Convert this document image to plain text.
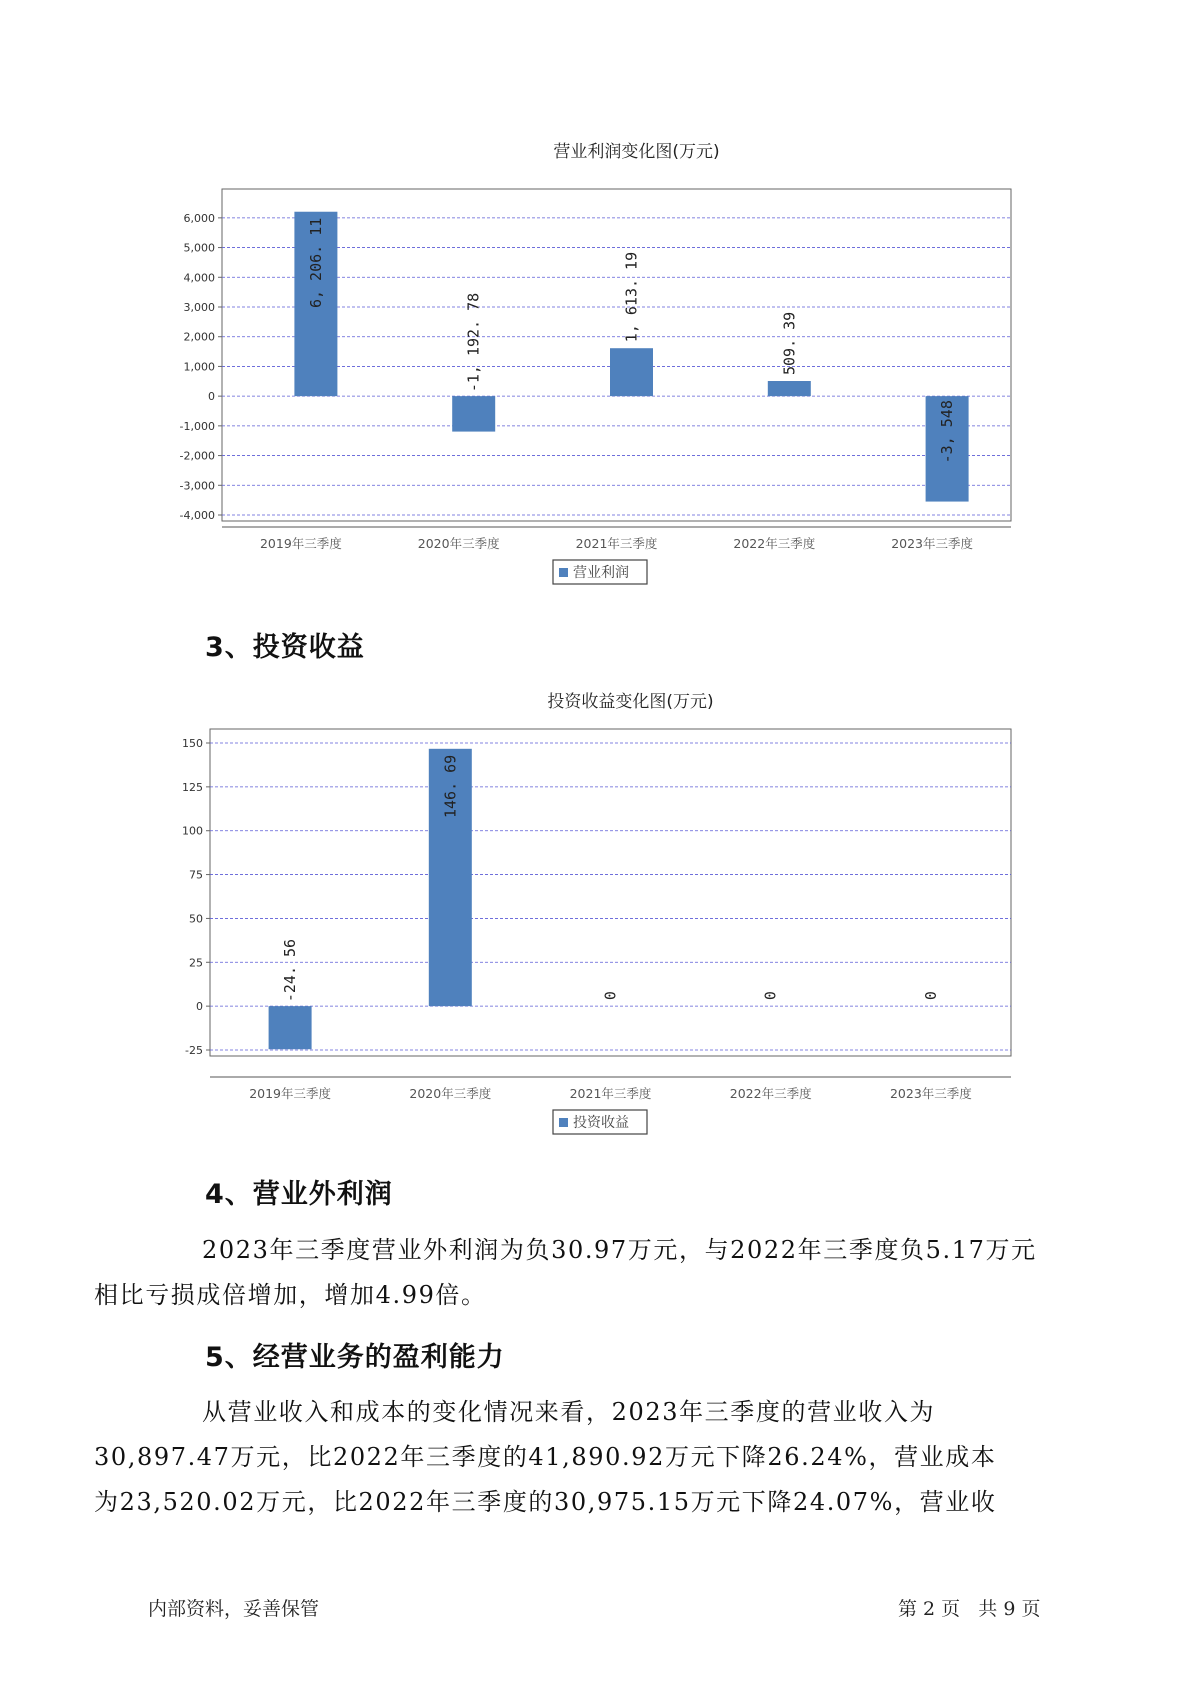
营业利润变化图(万元)
6,000
5,000
4,000
3,000
2,000
1,000
0
-1,000
-2,000
-3,000
-4,000
6, 206. 11
2019年三季度
-1, 192. 78
2020年三季度
1, 613. 19
2021年三季度
509. 39
2022年三季度
-3, 548
2023年三季度
营业利润
3、投资收益
投资收益变化图(万元)
150
125
100
75
50
25
0
-25
-24. 56
2019年三季度
146. 69
2020年三季度
0
2021年三季度
0
2022年三季度
0
2023年三季度
投资收益
4、营业外利润

2023年三季度营业外利润为负30.97万元，与2022年三季度负5.17万元
相比亏损成倍增加，增加4.99倍。

5、经营业务的盈利能力

从营业收入和成本的变化情况来看，2023年三季度的营业收入为
30,897.47万元，比2022年三季度的41,890.92万元下降26.24%，营业成本
为23,520.02万元，比2022年三季度的30,975.15万元下降24.07%，营业收

内部资料，妥善保管	第 2 页   共 9 页
